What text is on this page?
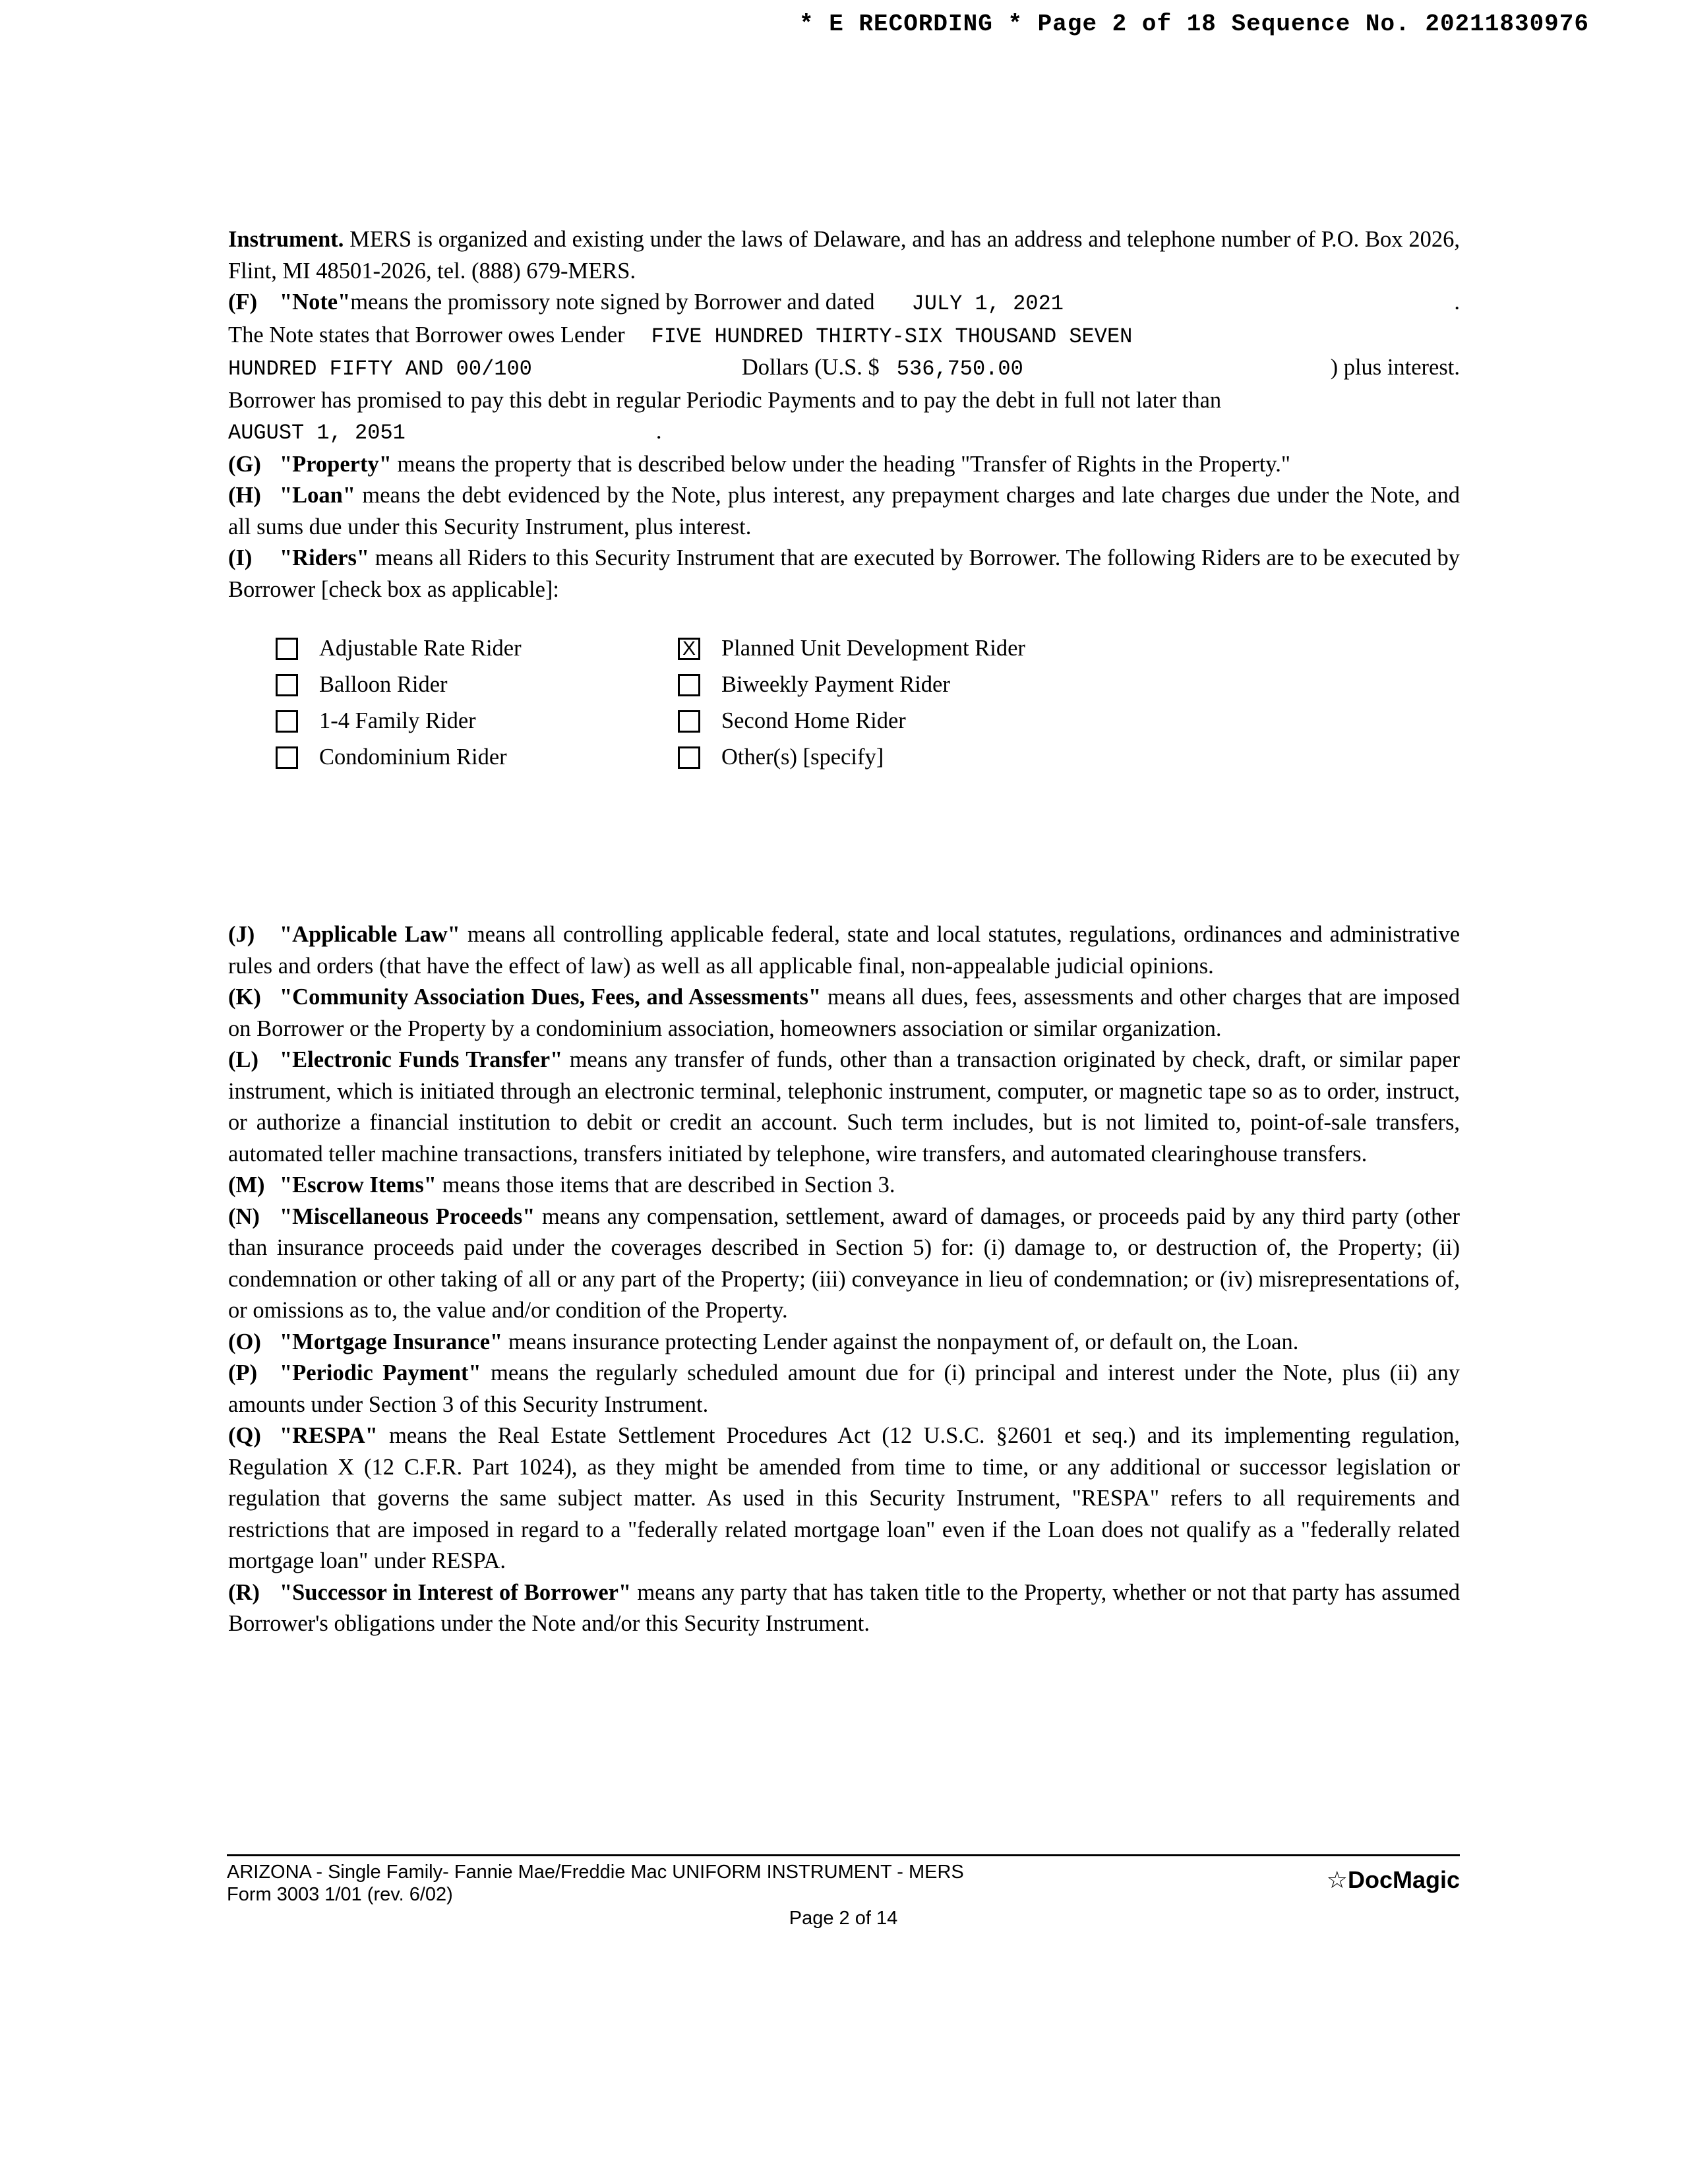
* E RECORDING * Page 2 of 18 Sequence No. 20211830976

Instrument. MERS is organized and existing under the laws of Delaware, and has an address and telephone number of P.O. Box 2026, Flint, MI 48501-2026, tel. (888) 679-MERS.

(F) "Note" means the promissory note signed by Borrower and dated JULY 1, 2021	.
The Note states that Borrower owes Lender FIVE HUNDRED THIRTY-SIX THOUSAND SEVEN
HUNDRED FIFTY AND 00/100	Dollars (U.S. $ 536,750.00	) plus interest.

Borrower has promised to pay this debt in regular Periodic Payments and to pay the debt in full not later than

AUGUST 1, 2051	.

(G) "Property" means the property that is described below under the heading "Transfer of Rights in the Property."

(H) "Loan" means the debt evidenced by the Note, plus interest, any prepayment charges and late charges due under the Note, and all sums due under this Security Instrument, plus interest.

(I) "Riders" means all Riders to this Security Instrument that are executed by Borrower. The following Riders are to be executed by Borrower [check box as applicable]:

Adjustable Rate Rider
Balloon Rider
1-4 Family Rider
Condominium Rider
X Planned Unit Development Rider
Biweekly Payment Rider
Second Home Rider
Other(s) [specify]

(J) "Applicable Law" means all controlling applicable federal, state and local statutes, regulations, ordinances and administrative rules and orders (that have the effect of law) as well as all applicable final, non-appealable judicial opinions.

(K) "Community Association Dues, Fees, and Assessments" means all dues, fees, assessments and other charges that are imposed on Borrower or the Property by a condominium association, homeowners association or similar organization.

(L) "Electronic Funds Transfer" means any transfer of funds, other than a transaction originated by check, draft, or similar paper instrument, which is initiated through an electronic terminal, telephonic instrument, computer, or magnetic tape so as to order, instruct, or authorize a financial institution to debit or credit an account. Such term includes, but is not limited to, point-of-sale transfers, automated teller machine transactions, transfers initiated by telephone, wire transfers, and automated clearinghouse transfers.

(M) "Escrow Items" means those items that are described in Section 3.

(N) "Miscellaneous Proceeds" means any compensation, settlement, award of damages, or proceeds paid by any third party (other than insurance proceeds paid under the coverages described in Section 5) for: (i) damage to, or destruction of, the Property; (ii) condemnation or other taking of all or any part of the Property; (iii) conveyance in lieu of condemnation; or (iv) misrepresentations of, or omissions as to, the value and/or condition of the Property.

(O) "Mortgage Insurance" means insurance protecting Lender against the nonpayment of, or default on, the Loan.

(P) "Periodic Payment" means the regularly scheduled amount due for (i) principal and interest under the Note, plus (ii) any amounts under Section 3 of this Security Instrument.

(Q) "RESPA" means the Real Estate Settlement Procedures Act (12 U.S.C. §2601 et seq.) and its implementing regulation, Regulation X (12 C.F.R. Part 1024), as they might be amended from time to time, or any additional or successor legislation or regulation that governs the same subject matter. As used in this Security Instrument, "RESPA" refers to all requirements and restrictions that are imposed in regard to a "federally related mortgage loan" even if the Loan does not qualify as a "federally related mortgage loan" under RESPA.

(R) "Successor in Interest of Borrower" means any party that has taken title to the Property, whether or not that party has assumed Borrower's obligations under the Note and/or this Security Instrument.

ARIZONA - Single Family- Fannie Mae/Freddie Mac UNIFORM INSTRUMENT - MERS
Form 3003 1/01 (rev. 6/02)
Page 2 of 14
☆DocMagic
